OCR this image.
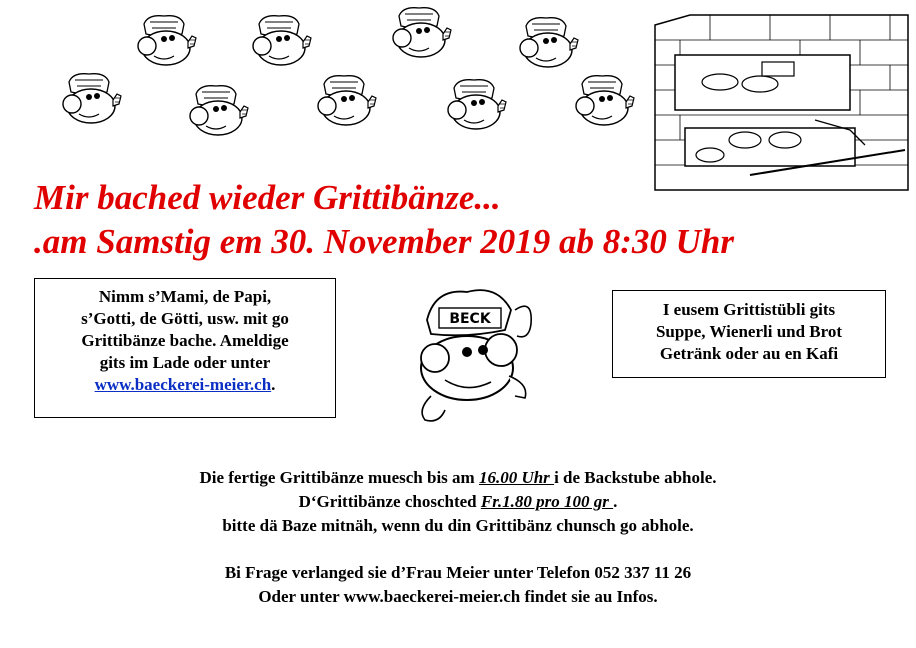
Mir bached wieder Grittibänze...
.am Samstig em 30. November 2019 ab 8:30 Uhr

Nimm s’Mami, de Papi,

s’Gotti, de Götti, usw. mit go

Grittibänze bache. Ameldige

gits im Lade oder unter

www.baeckerei-meier.ch.

BECK	I eusem Grittistübli gits

Suppe, Wienerli und Brot

Getränk oder au en Kafi

Die fertige Grittibänze muesch bis am 16.00 Uhr i de Backstube abhole.

D‘Grittibänze choschted Fr.1.80 pro 100 gr .

bitte dä Baze mitnäh, wenn du din Grittibänz chunsch go abhole.

Bi Frage verlanged sie d’Frau Meier unter Telefon 052 337 11 26

Oder unter www.baeckerei-meier.ch findet sie au Infos.
